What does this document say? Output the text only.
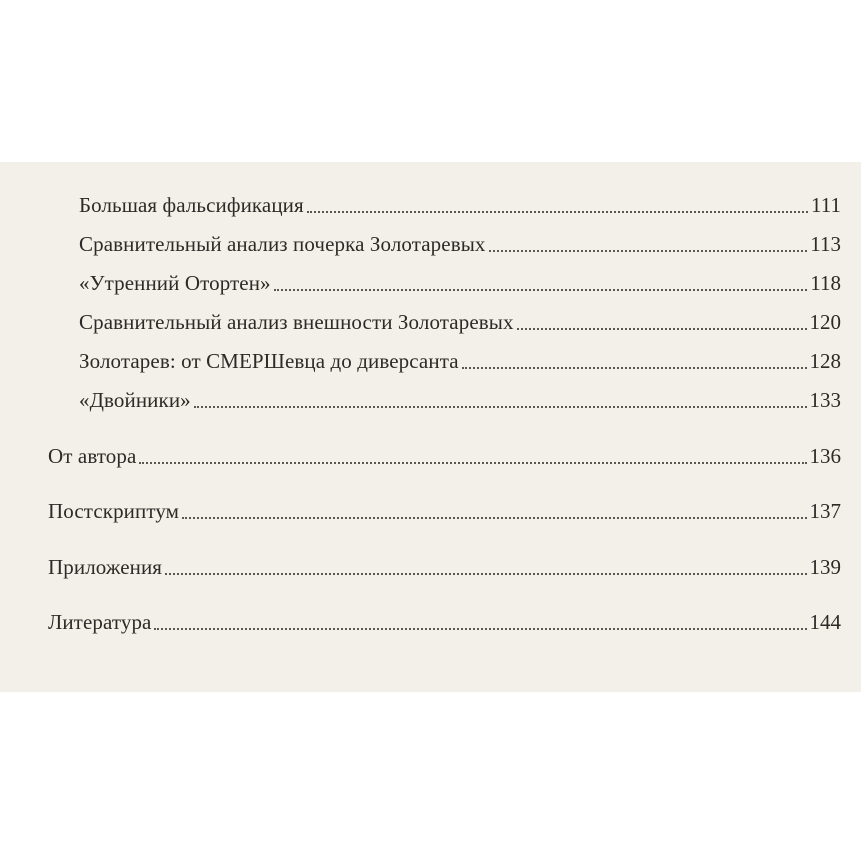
Большая фальсификация	111
Сравнительный анализ почерка Золотаревых	113
«Утренний Отортен»	118
Сравнительный анализ внешности Золотаревых	120
Золотарев: от СМЕРШевца до диверсанта	128
«Двойники»	133
От автора	136
Постскриптум	137
Приложения	139
Литература	144
